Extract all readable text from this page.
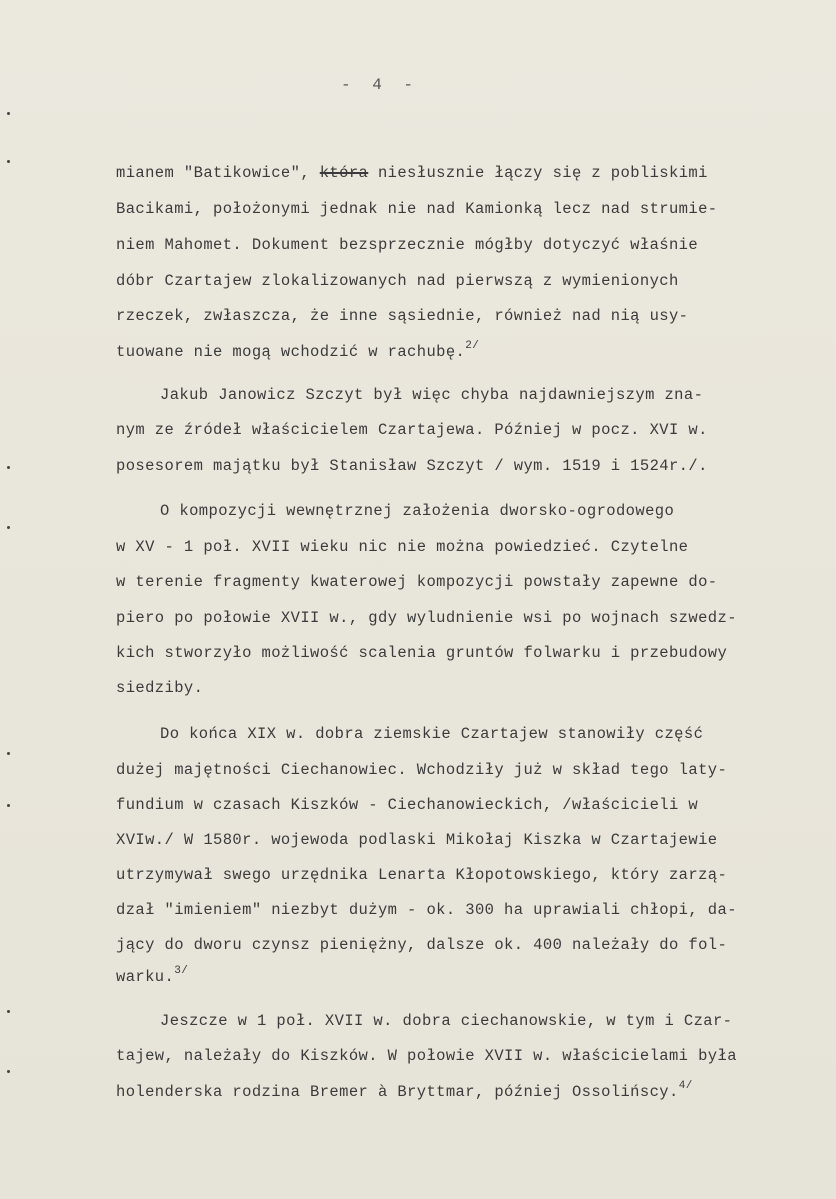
- 4 -
mianem "Batikowice", która niesłusznie łączy się z pobliskimi
Bacikami, położonymi jednak nie nad Kamionką lecz nad strumie-
niem Mahomet. Dokument bezsprzecznie mógłby dotyczyć właśnie
dóbr Czartajew zlokalizowanych nad pierwszą z wymienionych
rzeczek, zwłaszcza, że inne sąsiednie, również nad nią usy-
tuowane nie mogą wchodzić w rachubę.$^{2/}$
Jakub Janowicz Szczyt był więc chyba najdawniejszym zna-
nym ze źródeł właścicielem Czartajewa. Później w pocz. XVI w.
posesorem majątku był Stanisław Szczyt / wym. 1519 i 1524r./.
O kompozycji wewnętrznej założenia dworsko-ogrodowego
w XV - 1 poł. XVII wieku nic nie można powiedzieć. Czytelne
w terenie fragmenty kwaterowej kompozycji powstały zapewne do-
piero po połowie XVII w., gdy wyludnienie wsi po wojnach szwedz-
kich stworzyło możliwość scalenia gruntów folwarku i przebudowy
siedziby.
Do końca XIX w. dobra ziemskie Czartajew stanowiły część
dużej majętności Ciechanowiec. Wchodziły już w skład tego laty-
fundium w czasach Kiszków - Ciechanowieckich, /właścicieli w
XVIw./ W 1580r. wojewoda podlaski Mikołaj Kiszka w Czartajewie
utrzymywał swego urzędnika Lenarta Kłopotowskiego, który zarzą-
dzał "imieniem" niezbyt dużym - ok. 300 ha uprawiali chłopi, da-
jący do dworu czynsz pieniężny, dalsze ok. 400 należały do fol-
warku.$^{3/}$
Jeszcze w 1 poł. XVII w. dobra ciechanowskie, w tym i Czar-
tajew, należały do Kiszków. W połowie XVII w. właścicielami była
holenderska rodzina Bremer à Bryttmar, później Ossolińscy.$^{4/}$
